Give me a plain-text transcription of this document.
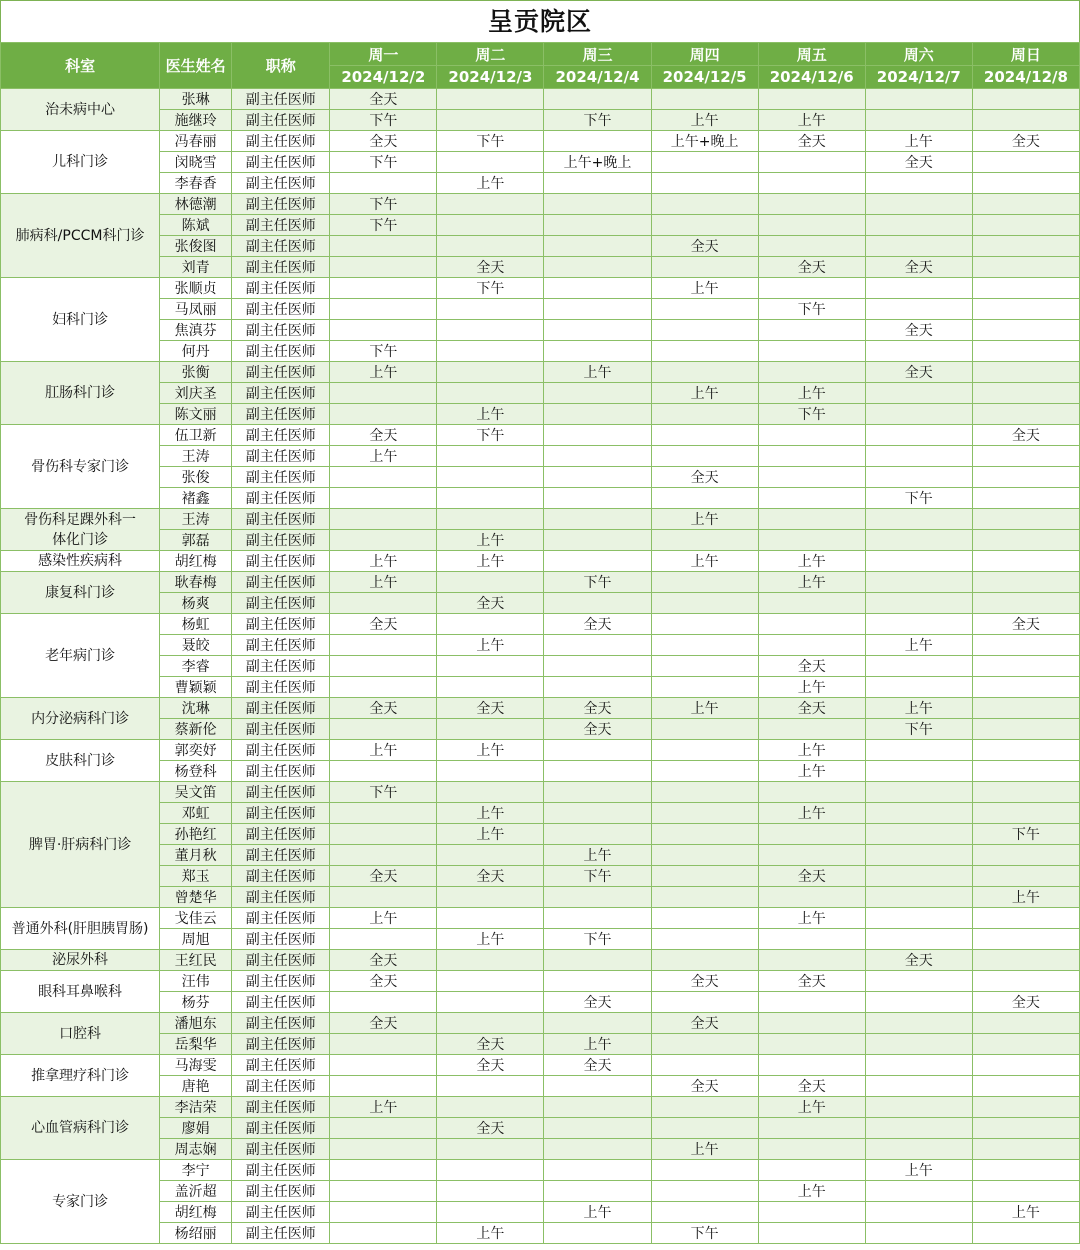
呈贡院区
科室	医生姓名	职称	周一	周二	周三	周四	周五	周六	周日
			2024/12/2	2024/12/3	2024/12/4	2024/12/5	2024/12/6	2024/12/7	2024/12/8
治未病中心	张琳	副主任医师	全天						
	施继玲	副主任医师	下午		下午	上午	上午		
儿科门诊	冯春丽	副主任医师	全天	下午		上午+晚上	全天	上午	全天
	闵晓雪	副主任医师	下午		上午+晚上			全天	
	李春香	副主任医师		上午					
肺病科/PCCM科门诊	林德潮	副主任医师	下午						
	陈斌	副主任医师	下午						
	张俊图	副主任医师				全天			
	刘青	副主任医师		全天			全天	全天	
妇科门诊	张顺贞	副主任医师		下午		上午			
	马凤丽	副主任医师					下午		
	焦滇芬	副主任医师						全天	
	何丹	副主任医师	下午						
肛肠科门诊	张衡	副主任医师	上午		上午			全天	
	刘庆圣	副主任医师				上午	上午		
	陈文丽	副主任医师		上午			下午		
骨伤科专家门诊	伍卫新	副主任医师	全天	下午					全天
	王涛	副主任医师	上午						
	张俊	副主任医师				全天			
	褚鑫	副主任医师						下午	
骨伤科足踝外科一体化门诊	王涛	副主任医师				上午			
	郭磊	副主任医师		上午					
感染性疾病科	胡红梅	副主任医师	上午	上午		上午	上午		
康复科门诊	耿春梅	副主任医师	上午		下午		上午		
	杨爽	副主任医师		全天					
老年病门诊	杨虹	副主任医师	全天		全天				全天
	聂皎	副主任医师		上午				上午	
	李睿	副主任医师					全天		
	曹颖颖	副主任医师					上午		
内分泌病科门诊	沈琳	副主任医师	全天	全天	全天	上午	全天	上午	
	蔡新伦	副主任医师			全天			下午	
皮肤科门诊	郭奕妤	副主任医师	上午	上午			上午		
	杨登科	副主任医师					上午		
脾胃·肝病科门诊	吴文笛	副主任医师	下午						
	邓虹	副主任医师		上午			上午		
	孙艳红	副主任医师		上午					下午
	董月秋	副主任医师			上午				
	郑玉	副主任医师	全天	全天	下午		全天		
	曾楚华	副主任医师							上午
普通外科(肝胆胰胃肠)	戈佳云	副主任医师	上午				上午		
	周旭	副主任医师		上午	下午				
泌尿外科	王红民	副主任医师	全天					全天	
眼科耳鼻喉科	汪伟	副主任医师	全天			全天	全天		
	杨芬	副主任医师			全天				全天
口腔科	潘旭东	副主任医师	全天			全天			
	岳梨华	副主任医师		全天	上午				
推拿理疗科门诊	马海雯	副主任医师		全天	全天				
	唐艳	副主任医师				全天	全天		
心血管病科门诊	李洁荣	副主任医师	上午				上午		
	廖娟	副主任医师		全天					
	周志娴	副主任医师				上午			
专家门诊	李宁	副主任医师						上午	
	盖沂超	副主任医师					上午		
	胡红梅	副主任医师			上午				上午
	杨绍丽	副主任医师		上午		下午			
